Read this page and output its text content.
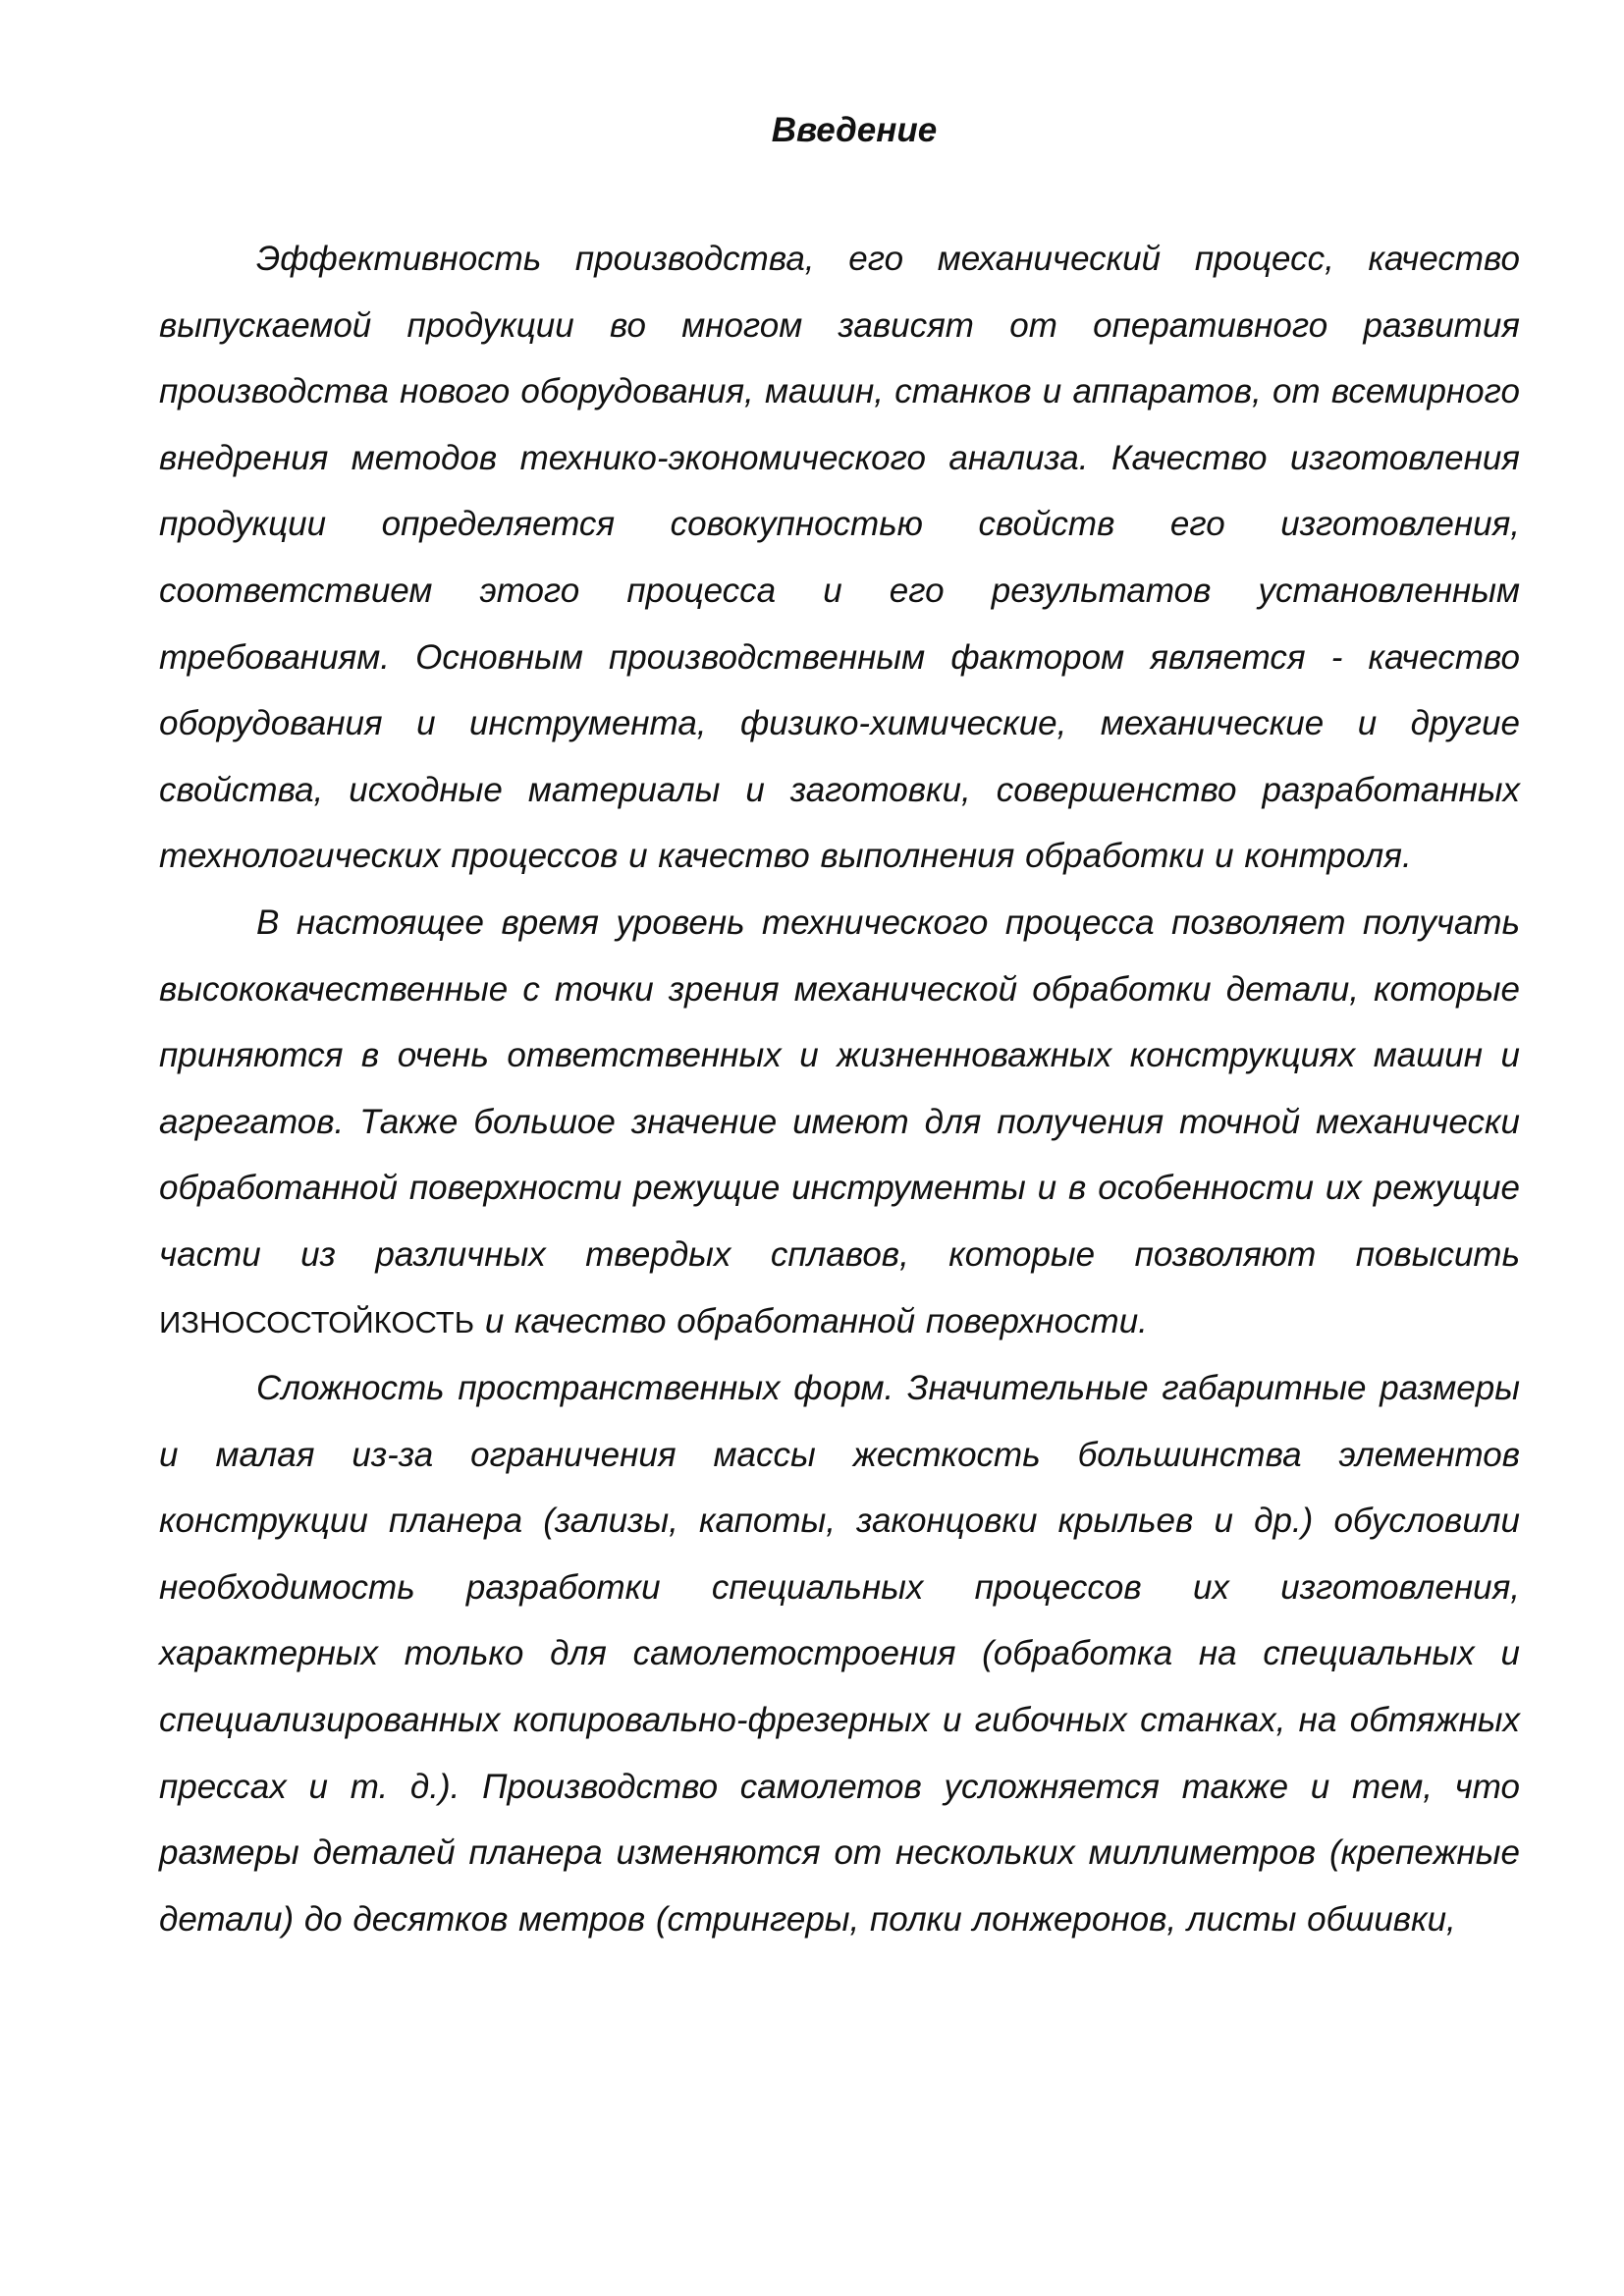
Введение

Эффективность производства, его механический процесс, качество выпускаемой продукции во многом зависят от оперативного развития производства нового оборудования, машин, станков и аппаратов, от всемирного внедрения методов технико-экономического анализа. Качество изготовления продукции определяется совокупностью свойств его изготовления, соответствием этого процесса и его результатов установленным требованиям. Основным производственным фактором является - качество оборудования и инструмента, физико-химические, механические и другие свойства, исходные материалы и заготовки, совершенство разработанных технологических процессов и качество выполнения обработки и контроля.

В настоящее время уровень технического процесса позволяет получать высококачественные с точки зрения механической обработки детали, которые приняются в очень ответственных и жизненноважных конструкциях машин и агрегатов. Также большое значение имеют для получения точной механически обработанной поверхности режущие инструменты и в особенности их режущие части из различных твердых сплавов, которые позволяют повысить ИЗНОСОСТОЙКОСТЬ и качество обработанной поверхности.

Сложность пространственных форм. Значительные габаритные размеры и малая из-за ограничения массы жесткость большинства элементов конструкции планера (зализы, капоты, законцовки крыльев и др.) обусловили необходимость разработки специальных процессов их изготовления, характерных только для самолетостроения (обработка на специальных и специализированных копировально-фрезерных и гибочных станках, на обтяжных прессах и т. д.). Производство самолетов усложняется также и тем, что размеры деталей планера изменяются от нескольких миллиметров (крепежные детали) до десятков метров (стрингеры, полки лонжеронов, листы обшивки,
